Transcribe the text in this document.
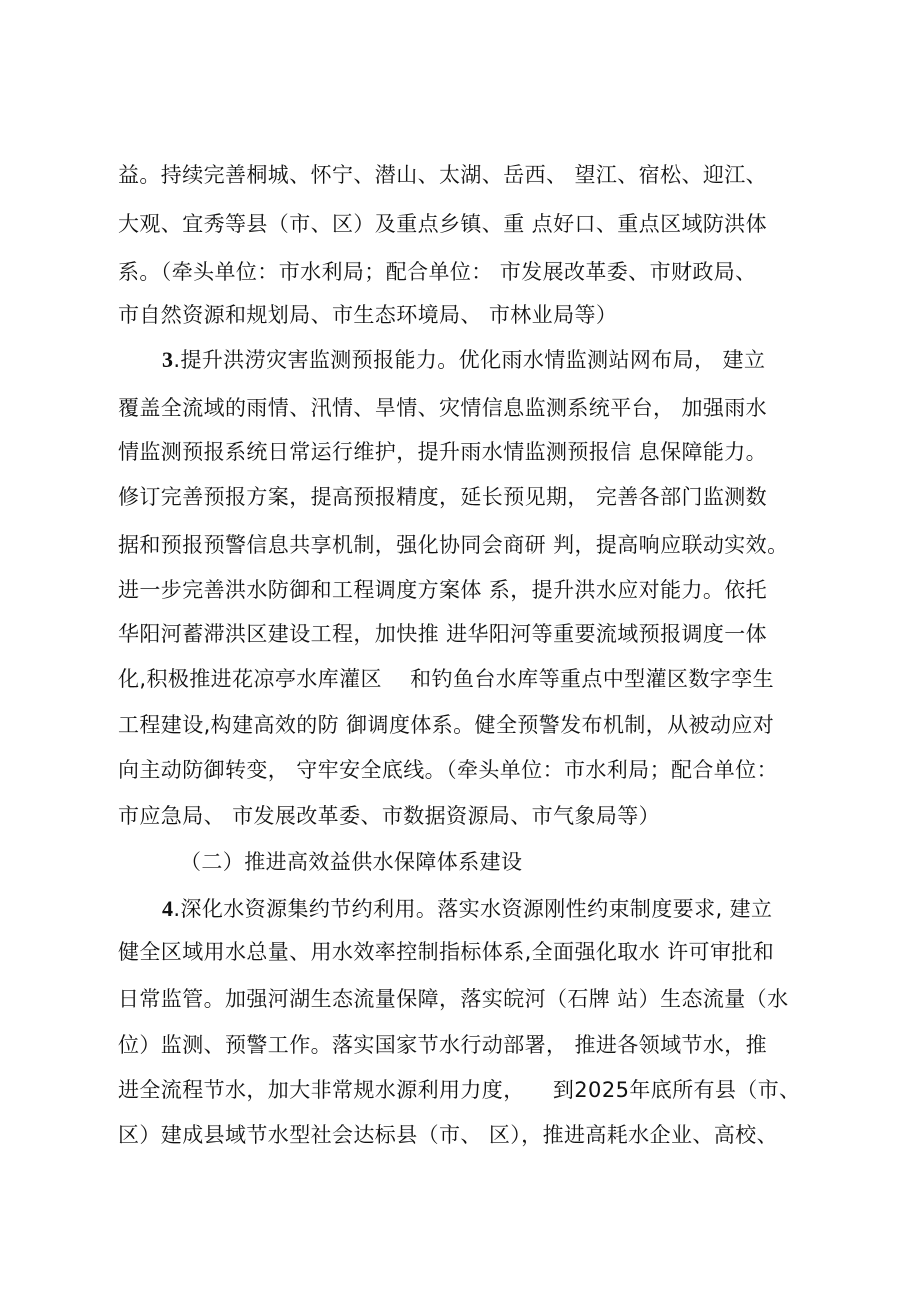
益。持续完善桐城、怀宁、潜山、太湖、岳西、 望江、宿松、迎江、
大观、宜秀等县（市、区）及重点乡镇、重 点好口、重点区域防洪体
系。（牵头单位：市水利局；配合单位： 市发展改革委、市财政局、
市自然资源和规划局、市生态环境局、 市林业局等）
3.提升洪涝灾害监测预报能力。优化雨水情监测站网布局， 建立
覆盖全流域的雨情、汛情、旱情、灾情信息监测系统平台， 加强雨水
情监测预报系统日常运行维护，提升雨水情监测预报信 息保障能力。
修订完善预报方案，提高预报精度，延长预见期， 完善各部门监测数
据和预报预警信息共享机制，强化协同会商研 判，提高响应联动实效。
进一步完善洪水防御和工程调度方案体 系，提升洪水应对能力。依托
华阳河蓄滞洪区建设工程，加快推 进华阳河等重要流域预报调度一体
化,积极推进花凉亭水库灌区    和钓鱼台水库等重点中型灌区数字孪生
工程建设,构建高效的防 御调度体系。健全预警发布机制，从被动应对
向主动防御转变， 守牢安全底线。（牵头单位：市水利局；配合单位：
市应急局、 市发展改革委、市数据资源局、市气象局等）
（二）推进高效益供水保障体系建设
4.深化水资源集约节约利用。落实水资源刚性约束制度要求, 建立
健全区域用水总量、用水效率控制指标体系,全面强化取水 许可审批和
日常监管。加强河湖生态流量保障，落实皖河（石牌 站）生态流量（水
位）监测、预警工作。落实国家节水行动部署， 推进各领域节水，推
进全流程节水，加大非常规水源利用力度，    到2025年底所有县（市、
区）建成县域节水型社会达标县（市、 区），推进高耗水企业、高校、
